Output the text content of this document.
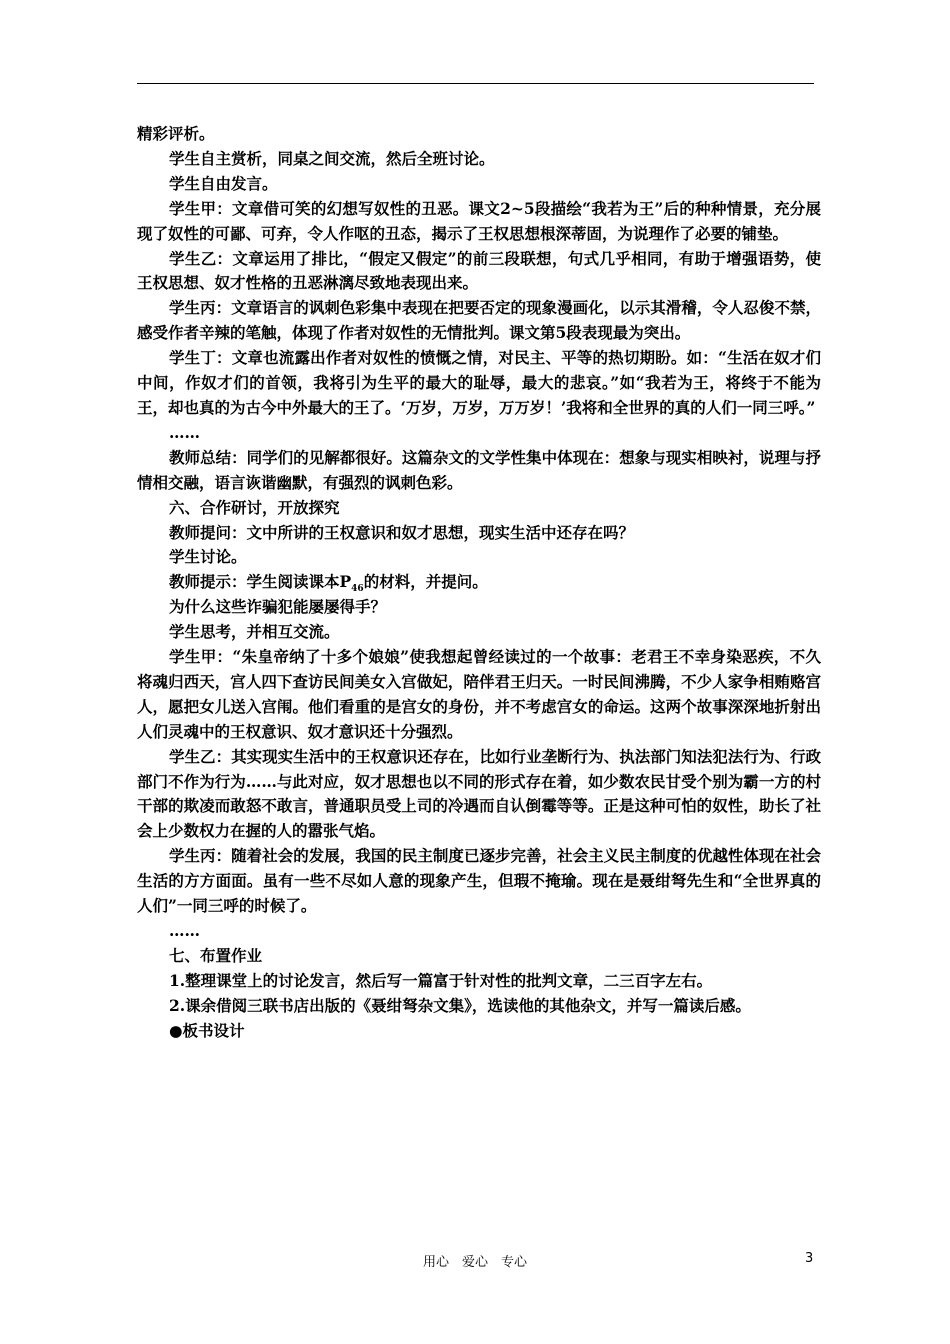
精彩评析。

学生自主赏析，同桌之间交流，然后全班讨论。

学生自由发言。

学生甲：文章借可笑的幻想写奴性的丑恶。课文2~5段描绘“我若为王”后的种种情景，充分展现了奴性的可鄙、可弃，令人作呕的丑态，揭示了王权思想根深蒂固，为说理作了必要的铺垫。

学生乙：文章运用了排比，“假定又假定”的前三段联想，句式几乎相同，有助于增强语势，使王权思想、奴才性格的丑恶淋漓尽致地表现出来。

学生丙：文章语言的讽刺色彩集中表现在把要否定的现象漫画化，以示其滑稽，令人忍俊不禁，感受作者辛辣的笔触，体现了作者对奴性的无情批判。课文第5段表现最为突出。

学生丁：文章也流露出作者对奴性的愤慨之情，对民主、平等的热切期盼。如：“生活在奴才们中间，作奴才们的首领，我将引为生平的最大的耻辱，最大的悲哀。”如“我若为王，将终于不能为王，却也真的为古今中外最大的王了。‘万岁，万岁，万万岁！’我将和全世界的真的人们一同三呼。”

……

教师总结：同学们的见解都很好。这篇杂文的文学性集中体现在：想象与现实相映衬，说理与抒情相交融，语言诙谐幽默，有强烈的讽刺色彩。

六、合作研讨，开放探究

教师提问：文中所讲的王权意识和奴才思想，现实生活中还存在吗？

学生讨论。

教师提示：学生阅读课本$P_{46}$的材料，并提问。

为什么这些诈骗犯能屡屡得手？

学生思考，并相互交流。

学生甲：“朱皇帝纳了十多个娘娘”使我想起曾经读过的一个故事：老君王不幸身染恶疾，不久将魂归西天，宫人四下查访民间美女入宫做妃，陪伴君王归天。一时民间沸腾，不少人家争相贿赂宫人，愿把女儿送入宫闱。他们看重的是宫女的身份，并不考虑宫女的命运。这两个故事深深地折射出人们灵魂中的王权意识、奴才意识还十分强烈。

学生乙：其实现实生活中的王权意识还存在，比如行业垄断行为、执法部门知法犯法行为、行政部门不作为行为……与此对应，奴才思想也以不同的形式存在着，如少数农民甘受个别为霸一方的村干部的欺凌而敢怒不敢言，普通职员受上司的冷遇而自认倒霉等等。正是这种可怕的奴性，助长了社会上少数权力在握的人的嚣张气焰。

学生丙：随着社会的发展，我国的民主制度已逐步完善，社会主义民主制度的优越性体现在社会生活的方方面面。虽有一些不尽如人意的现象产生，但瑕不掩瑜。现在是聂绀弩先生和“全世界真的人们”一同三呼的时候了。

……

七、布置作业

1.整理课堂上的讨论发言，然后写一篇富于针对性的批判文章，二三百字左右。

2.课余借阅三联书店出版的《聂绀弩杂文集》，选读他的其他杂文，并写一篇读后感。

●板书设计

用心　爱心　专心	3
